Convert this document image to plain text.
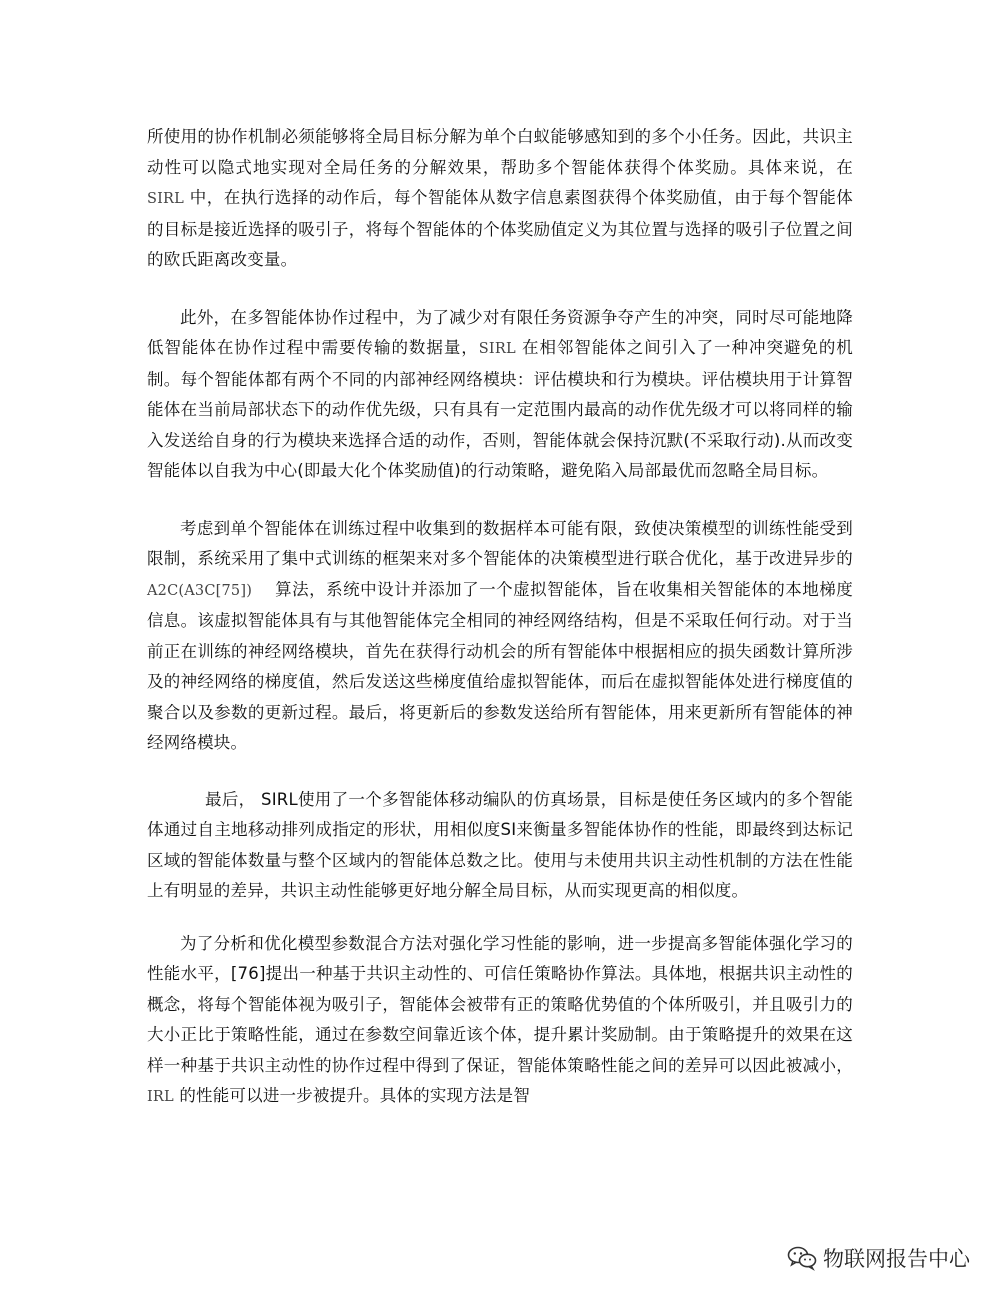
所使用的协作机制必须能够将全局目标分解为单个白蚁能够感知到的多个小任务。因此，共识主动性可以隐式地实现对全局任务的分解效果，帮助多个智能体获得个体奖励。具体来说，在 SIRL 中，在执行选择的动作后，每个智能体从数字信息素图获得个体奖励值，由于每个智能体的目标是接近选择的吸引子，将每个智能体的个体奖励值定义为其位置与选择的吸引子位置之间的欧氏距离改变量。

此外，在多智能体协作过程中，为了减少对有限任务资源争夺产生的冲突，同时尽可能地降低智能体在协作过程中需要传输的数据量，SIRL 在相邻智能体之间引入了一种冲突避免的机制。每个智能体都有两个不同的内部神经网络模块：评估模块和行为模块。评估模块用于计算智能体在当前局部状态下的动作优先级，只有具有一定范围内最高的动作优先级才可以将同样的输入发送给自身的行为模块来选择合适的动作，否则，智能体就会保持沉默(不采取行动).从而改变智能体以自我为中心(即最大化个体奖励值)的行动策略，避免陷入局部最优而忽略全局目标。

考虑到单个智能体在训练过程中收集到的数据样本可能有限，致使决策模型的训练性能受到限制，系统采用了集中式训练的框架来对多个智能体的决策模型进行联合优化，基于改进异步的A2C(A3C[75])    算法，系统中设计并添加了一个虚拟智能体，旨在收集相关智能体的本地梯度信息。该虚拟智能体具有与其他智能体完全相同的神经网络结构，但是不采取任何行动。对于当前正在训练的神经网络模块，首先在获得行动机会的所有智能体中根据相应的损失函数计算所涉及的神经网络的梯度值，然后发送这些梯度值给虚拟智能体，而后在虚拟智能体处进行梯度值的聚合以及参数的更新过程。最后，将更新后的参数发送给所有智能体，用来更新所有智能体的神经网络模块。

最后， SIRL使用了一个多智能体移动编队的仿真场景，目标是使任务区域内的多个智能体通过自主地移动排列成指定的形状，用相似度SI来衡量多智能体协作的性能，即最终到达标记区域的智能体数量与整个区域内的智能体总数之比。使用与未使用共识主动性机制的方法在性能上有明显的差异，共识主动性能够更好地分解全局目标，从而实现更高的相似度。

为了分析和优化模型参数混合方法对强化学习性能的影响，进一步提高多智能体强化学习的性能水平，[76]提出一种基于共识主动性的、可信任策略协作算法。具体地，根据共识主动性的概念，将每个智能体视为吸引子，智能体会被带有正的策略优势值的个体所吸引，并且吸引力的大小正比于策略性能，通过在参数空间靠近该个体，提升累计奖励制。由于策略提升的效果在这样一种基于共识主动性的协作过程中得到了保证，智能体策略性能之间的差异可以因此被减小， IRL 的性能可以进一步被提升。具体的实现方法是智

物联网报告中心
